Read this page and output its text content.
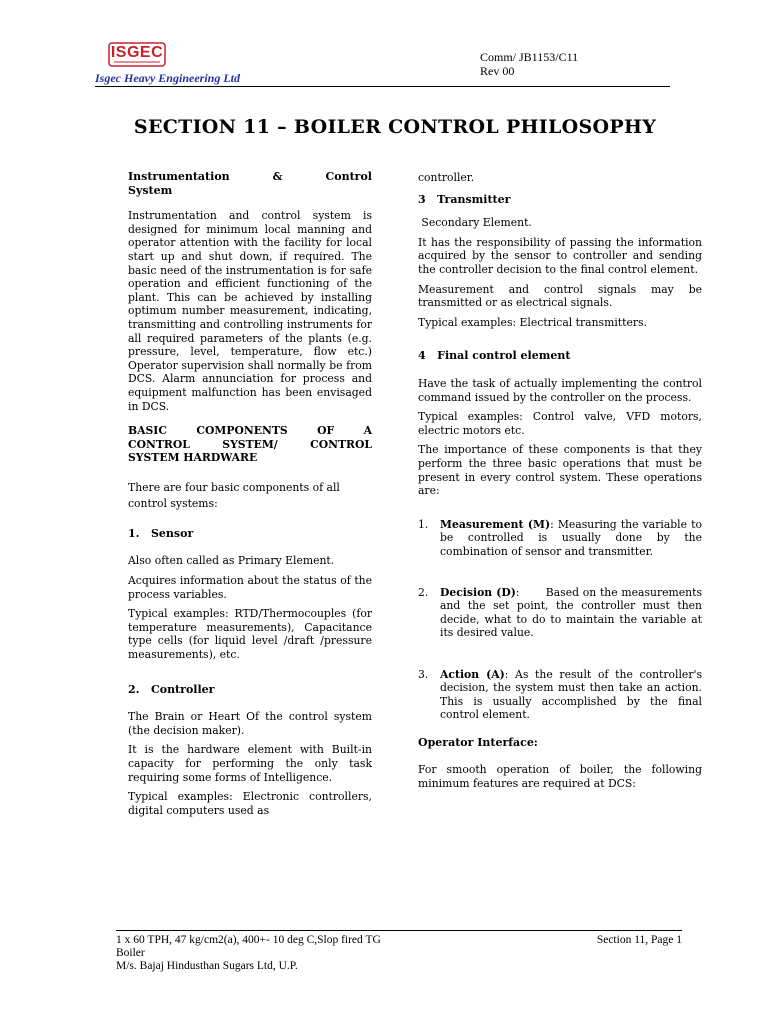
ISGEC
Isgec Heavy Engineering Ltd
Comm/ JB1153/C11
Rev 00
SECTION 11 – BOILER CONTROL PHILOSOPHY
Instrumentation        &        Control
System
Instrumentation and control system is designed for minimum local manning and operator attention with the facility for local start up and shut down, if required. The basic need of the instrumentation is for safe operation and efficient functioning of the plant. This can be achieved by installing optimum number measurement, indicating, transmitting and controlling instruments for all required parameters of the plants (e.g. pressure, level, temperature, flow etc.) Operator supervision shall normally be from DCS. Alarm annunciation for process and equipment malfunction has been envisaged in DCS.
BASIC    COMPONENTS    OF    A
CONTROL    SYSTEM/    CONTROL
SYSTEM HARDWARE
There are four basic components of all control systems:
1.   Sensor
Also often called as Primary Element.
Acquires information about the status of the process variables.
Typical examples: RTD/Thermocouples (for temperature measurements), Capacitance type cells (for liquid level /draft /pressure measurements), etc.
2.   Controller
The Brain or Heart Of the control system (the decision maker).
It is the hardware element with Built-in capacity for performing the only task requiring some forms of Intelligence.
Typical examples: Electronic controllers, digital computers used as
controller.
3   Transmitter
Secondary Element.
It has the responsibility of passing the information acquired by the sensor to controller and sending the controller decision to the final control element.
Measurement and control signals may be transmitted or as electrical signals.
Typical examples: Electrical transmitters.
4   Final control element
Have the task of actually implementing the control command issued by the controller on the process.
Typical examples: Control valve, VFD motors, electric motors etc.
The importance of these components is that they perform the three basic operations that must be present in every control system. These operations are:
1. Measurement (M): Measuring the variable to be controlled is usually done by the combination of sensor and transmitter.
2. Decision (D):       Based on the measurements and the set point, the controller must then decide, what to do to maintain the variable at its desired value.
3. Action (A): As the result of the controller's decision, the system must then take an action. This is usually accomplished by the final control element.
Operator Interface:
For smooth operation of boiler, the following minimum features are required at DCS:
1 x 60 TPH, 47 kg/cm2(a), 400+- 10 deg C,Slop fired TG
Boiler
M/s. Bajaj Hindusthan Sugars Ltd, U.P.
Section 11, Page 1
